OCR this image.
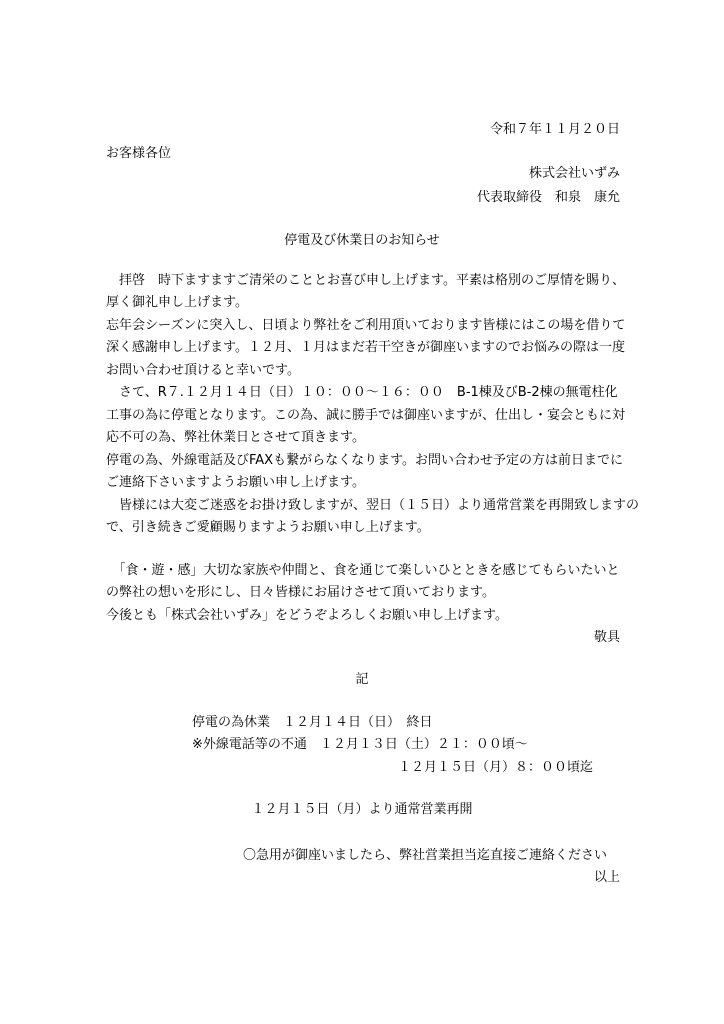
令和７年１１月２０日
お客様各位
株式会社いずみ
代表取締役　和泉　康允
停電及び休業日のお知らせ
　拝啓　時下ますますご清栄のこととお喜び申し上げます。平素は格別のご厚情を賜り、
厚く御礼申し上げます。
忘年会シーズンに突入し、日頃より弊社をご利用頂いております皆様にはこの場を借りて
深く感謝申し上げます。１２月、１月はまだ若干空きが御座いますのでお悩みの際は一度
お問い合わせ頂けると幸いです。
　さて、R７.１２月１４日（日）１０：００～１６：００　B-1棟及びB-2棟の無電柱化
工事の為に停電となります。この為、誠に勝手では御座いますが、仕出し・宴会ともに対
応不可の為、弊社休業日とさせて頂きます。
停電の為、外線電話及びFAXも繋がらなくなります。お問い合わせ予定の方は前日までに
ご連絡下さいますようお願い申し上げます。
　皆様には大変ご迷惑をお掛け致しますが、翌日（１５日）より通常営業を再開致しますの
で、引き続きご愛顧賜りますようお願い申し上げます。
　「食・遊・感」大切な家族や仲間と、食を通じて楽しいひとときを感じてもらいたいと
の弊社の想いを形にし、日々皆様にお届けさせて頂いております。
今後とも「株式会社いずみ」をどうぞよろしくお願い申し上げます。
敬具
記
停電の為休業　１２月１４日（日）　終日
※外線電話等の不通　１２月１３日（土）２１：００頃～
１２月１５日（月）８：００頃迄
１２月１５日（月）より通常営業再開
〇急用が御座いましたら、弊社営業担当迄直接ご連絡ください
以上
